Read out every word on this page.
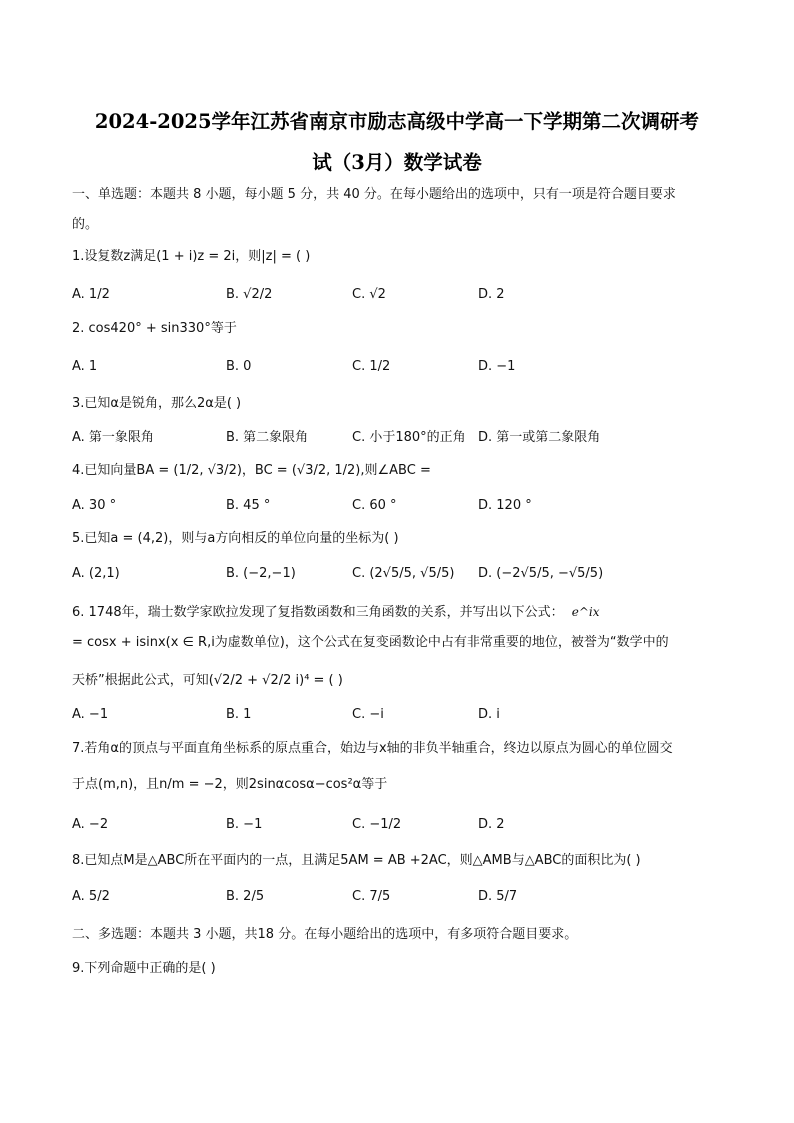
2024-2025学年江苏省南京市励志高级中学高一下学期第二次调研考
试（3月）数学试卷
一、单选题：本题共 8 小题，每小题 5 分，共 40 分。在每小题给出的选项中，只有一项是符合题目要求
的。
1.设复数z满足(1 + i)z = 2i，则|z| = ( )
A. 1/2	B. √2/2	C. √2	D. 2
2. cos420° + sin330°等于
A. 1	B. 0	C. 1/2	D. −1
3.已知α是锐角，那么2α是( )
A. 第一象限角	B. 第二象限角	C. 小于180°的正角 D. 第一或第二象限角
4.已知向量BA = (1/2, √3/2)，BC = (√3/2, 1/2),则∠ABC =
A. 30 °	B. 45 °	C. 60 °	D. 120 °
5.已知a = (4,2)，则与a方向相反的单位向量的坐标为( )
A. (2,1)	B. (−2,−1)	C. (2√5/5, √5/5) D. (−2√5/5, −√5/5)
6. 1748年，瑞士数学家欧拉发现了复指数函数和三角函数的关系，并写出以下公式： e^ix
= cosx + isinx(x ∈ R,i为虚数单位)，这个公式在复变函数论中占有非常重要的地位，被誉为“数学中的
天桥”根据此公式，可知(√2/2 + √2/2 i)⁴ = ( )
A. −1	B. 1	C. −i	D. i
7.若角α的顶点与平面直角坐标系的原点重合，始边与x轴的非负半轴重合，终边以原点为圆心的单位圆交
于点(m,n)，且n/m = −2，则2sinαcosα−cos²α等于
A. −2	B. −1	C. −1/2	D. 2
8.已知点M是△ABC所在平面内的一点，且满足5AM = AB +2AC，则△AMB与△ABC的面积比为( )
A. 5/2	B. 2/5	C. 7/5	D. 5/7
二、多选题：本题共 3 小题，共18 分。在每小题给出的选项中，有多项符合题目要求。
9.下列命题中正确的是( )
